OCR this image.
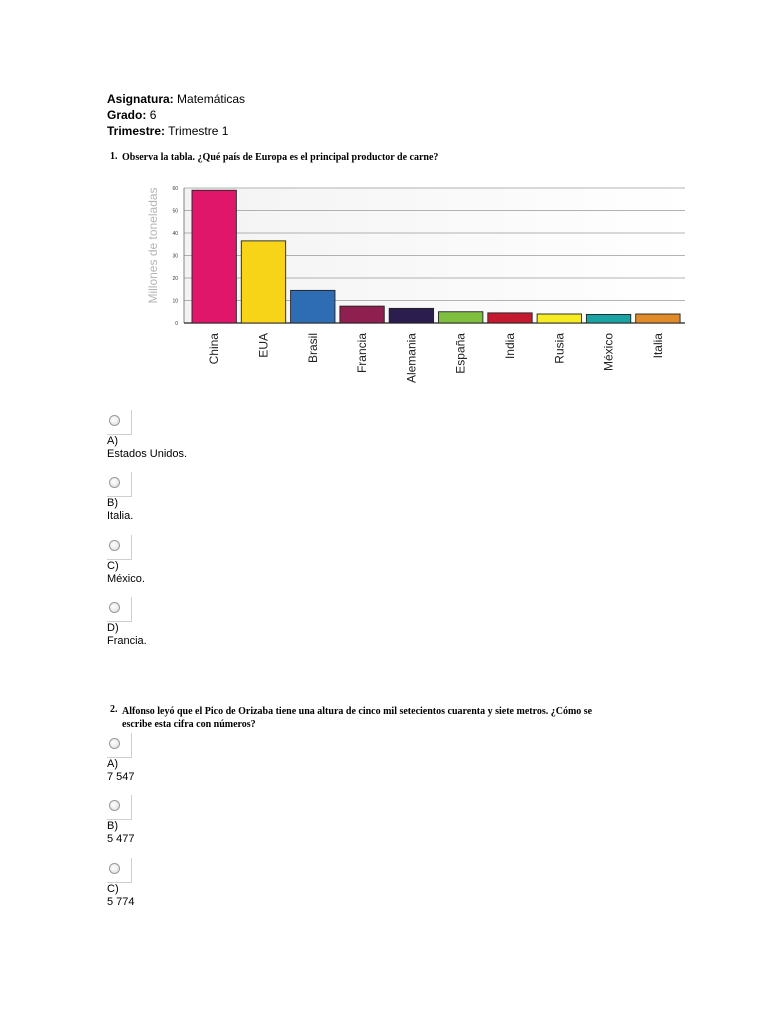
Asignatura: Matemáticas
Grado: 6
Trimestre: Trimestre 1
1. Observa la tabla. ¿Qué país de Europa es el principal productor de carne?
0
10
20
30
40
50
60
Millones de toneladas
China	EUA	Brasil	Francia	Alemania	España	India	Rusia	México	Italia
A)
Estados Unidos.
B)
Italia.
C)
México.
D)
Francia.
2. Alfonso leyó que el Pico de Orizaba tiene una altura de cinco mil setecientos cuarenta y siete metros. ¿Cómo se
escribe esta cifra con números?
A)
7 547
B)
5 477
C)
5 774
